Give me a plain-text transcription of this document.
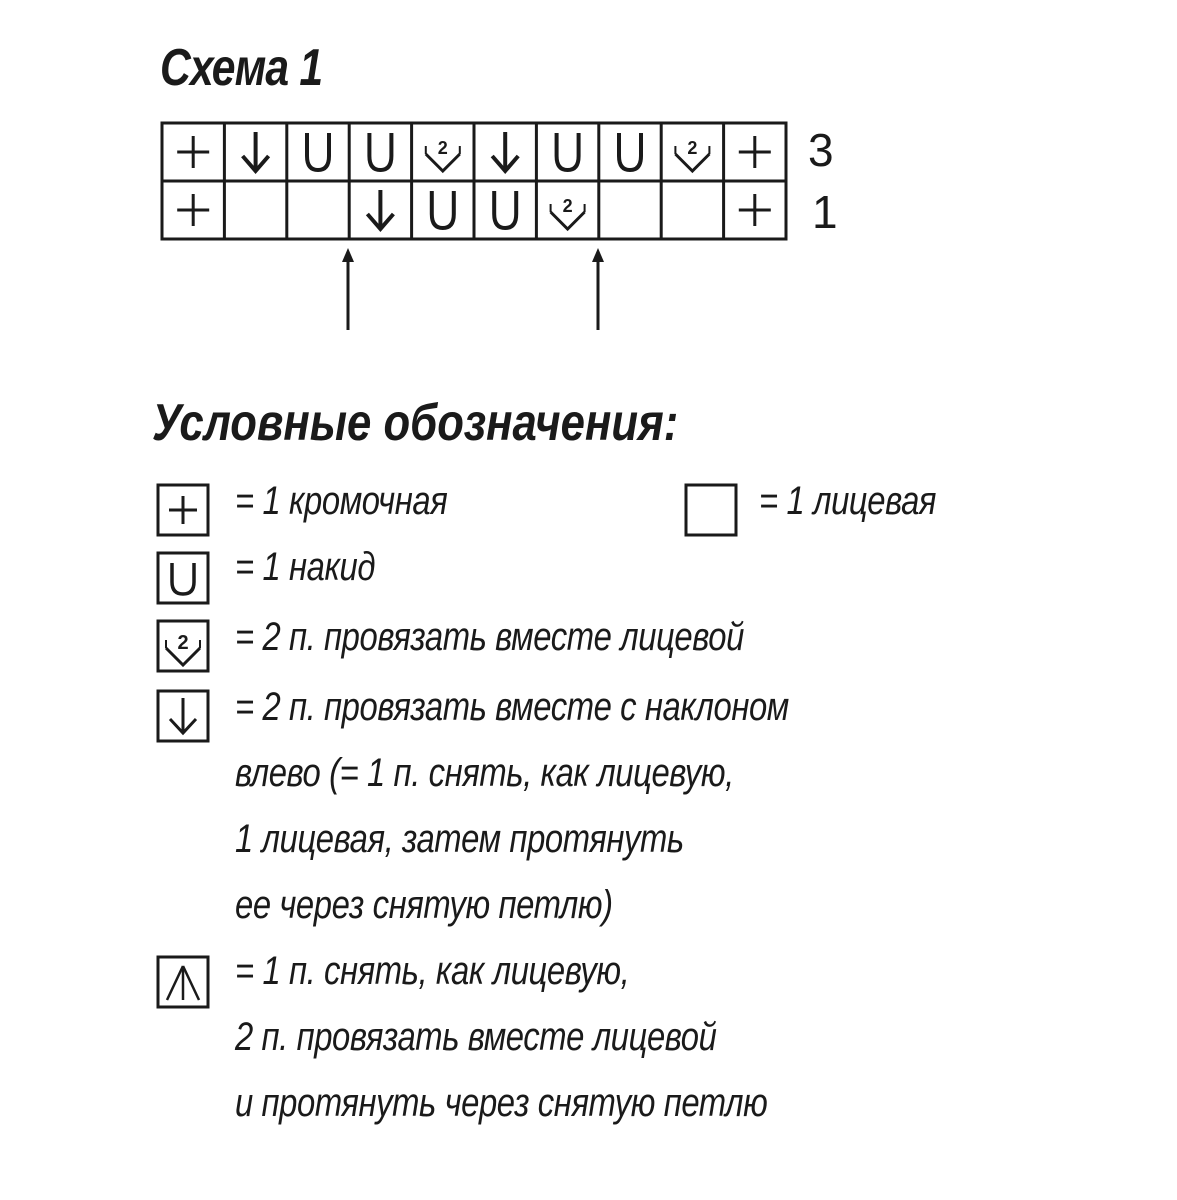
Схема 1
2	2
2
3
1
Условные обозначения:
= 1 кромочная	= 1 лицевая
= 1 накид
2 = 2 п. провязать вместе лицевой
= 2 п. провязать вместе с наклоном
влево (= 1 п. снять, как лицевую,
1 лицевая, затем протянуть
ее через снятую петлю)
= 1 п. снять, как лицевую,
2 п. провязать вместе лицевой
и протянуть через снятую петлю
